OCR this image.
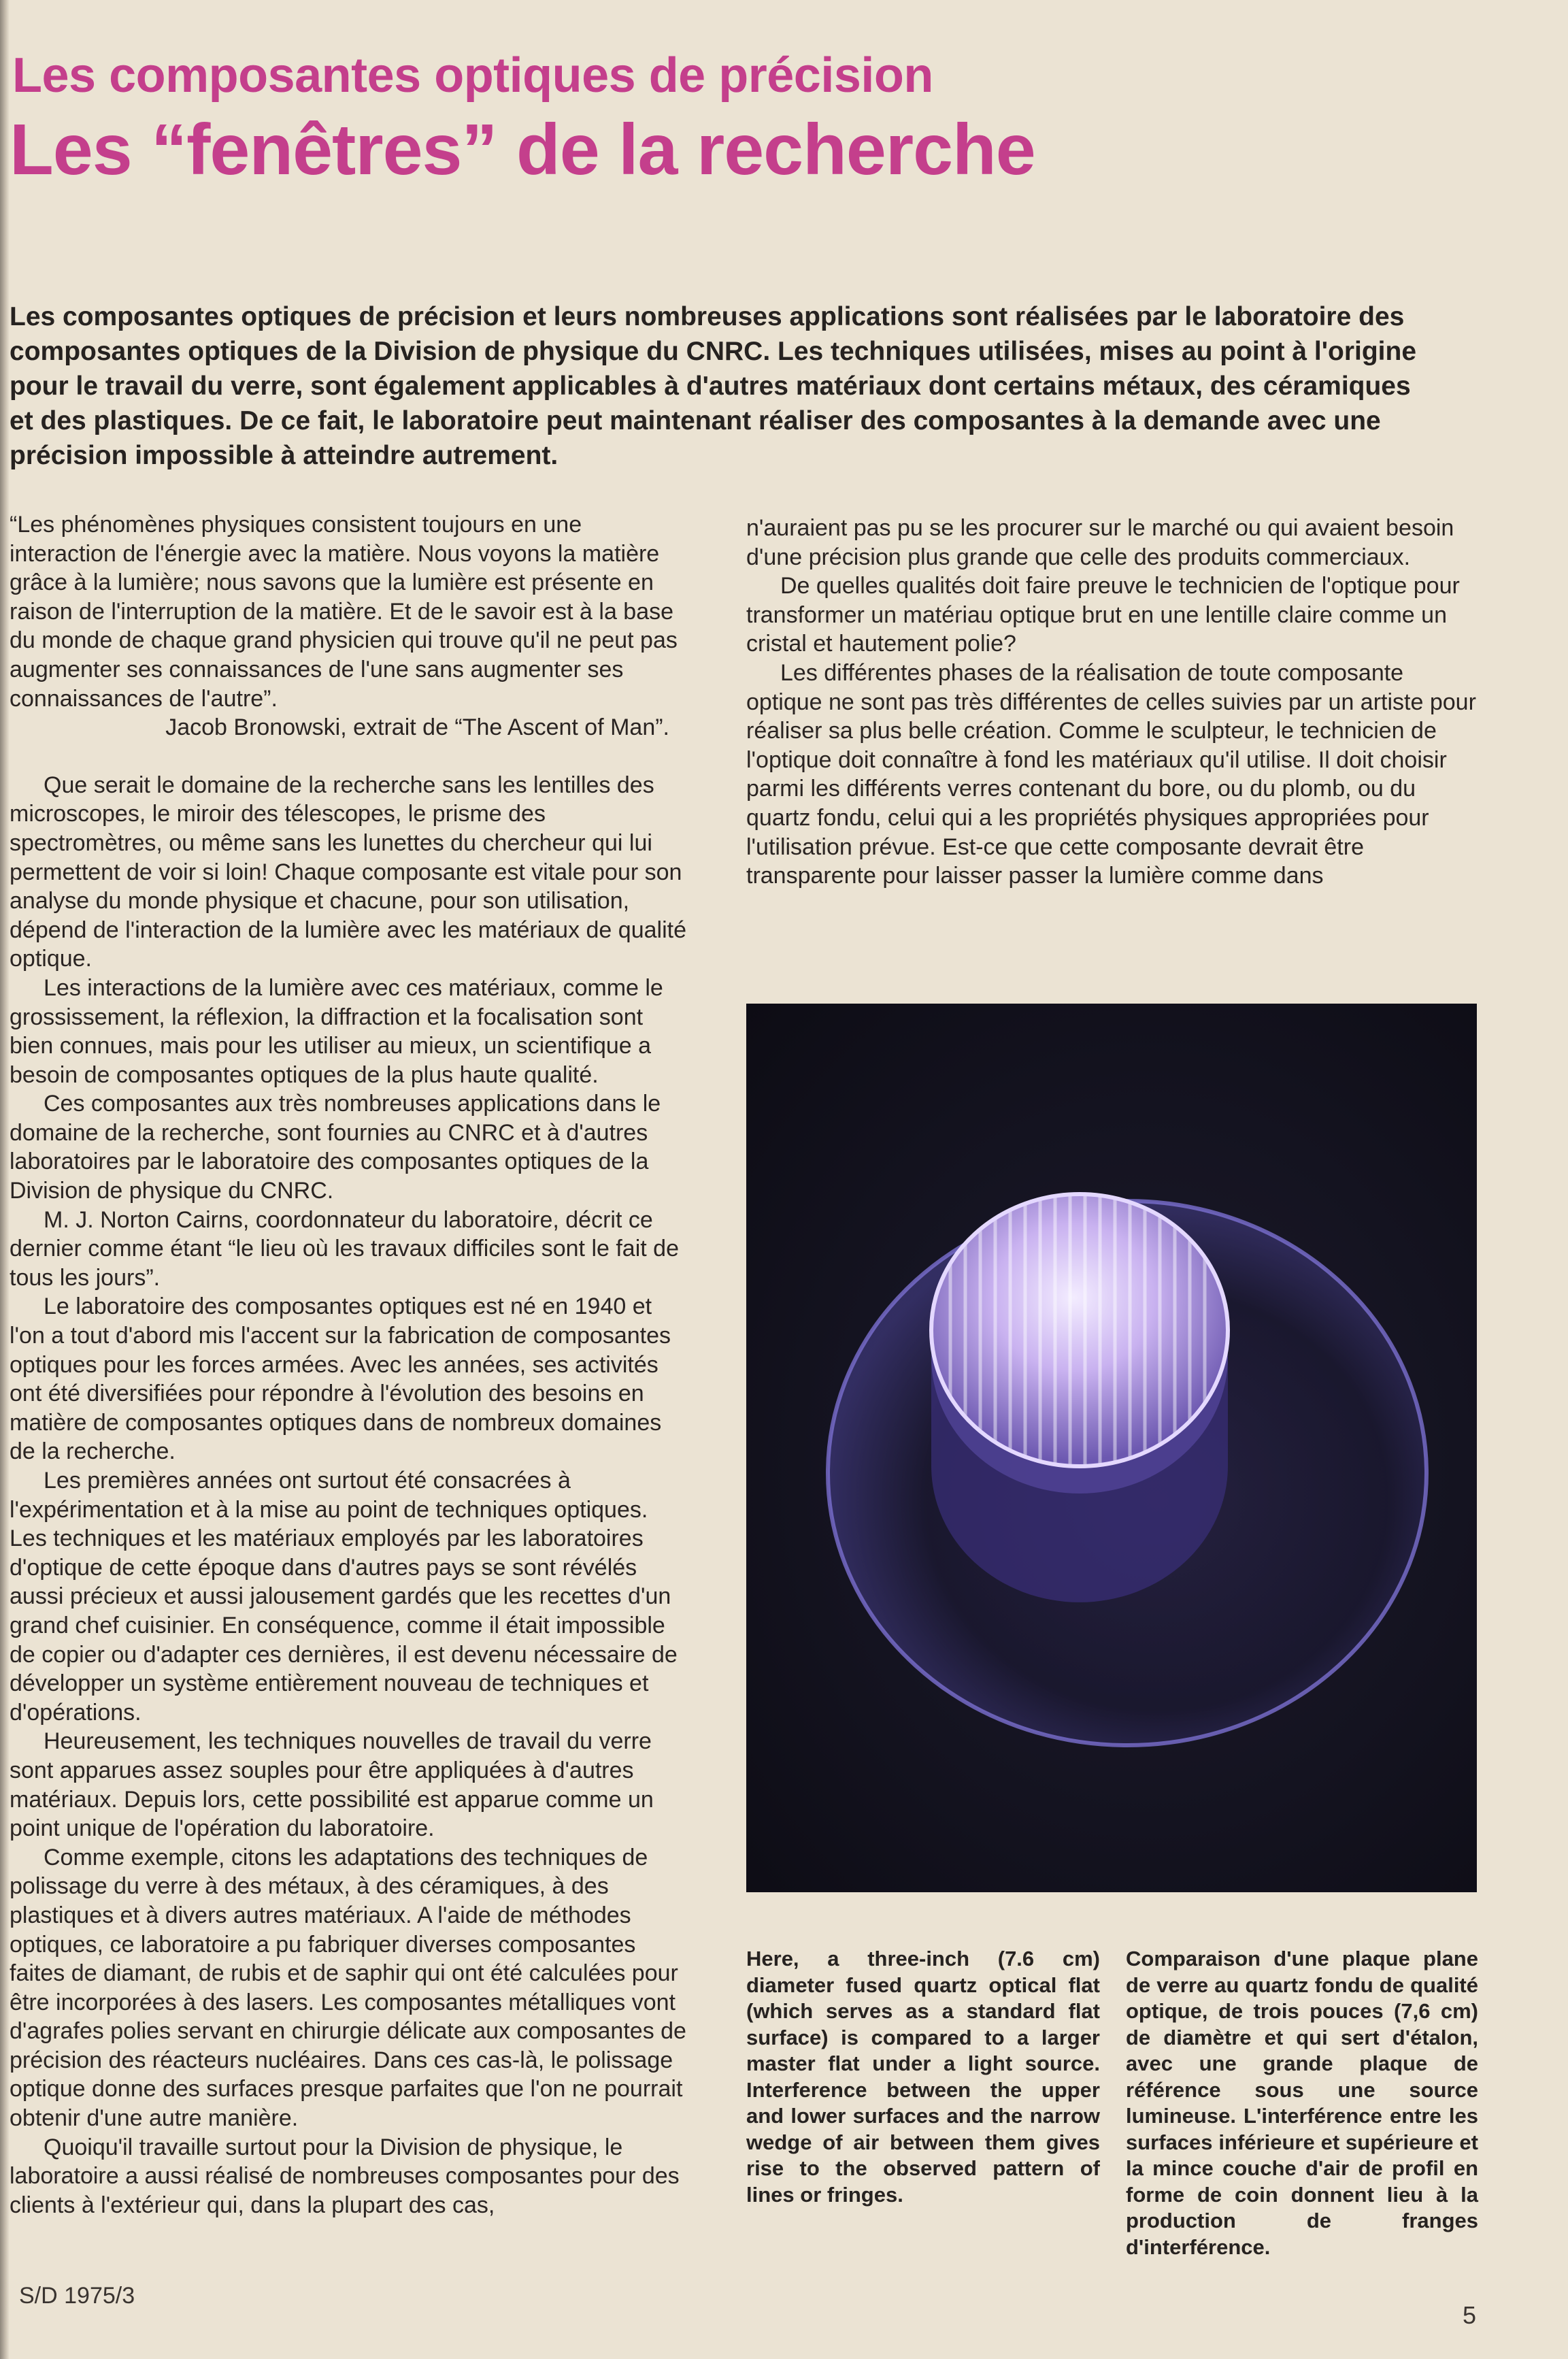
Les composantes optiques de précision
Les “fenêtres” de la recherche

Les composantes optiques de précision et leurs nombreuses applications sont réalisées par le laboratoire des composantes optiques de la Division de physique du CNRC. Les techniques utilisées, mises au point à l'origine pour le travail du verre, sont également applicables à d'autres matériaux dont certains métaux, des céramiques et des plastiques. De ce fait, le laboratoire peut maintenant réaliser des composantes à la demande avec une précision impossible à atteindre autrement.

“Les phénomènes physiques consistent toujours en une interaction de l'énergie avec la matière. Nous voyons la matière grâce à la lumière; nous savons que la lumière est présente en raison de l'interruption de la matière. Et de le savoir est à la base du monde de chaque grand physicien qui trouve qu'il ne peut pas augmenter ses connaissances de l'une sans augmenter ses connaissances de l'autre”.

Jacob Bronowski, extrait de “The Ascent of Man”.

Que serait le domaine de la recherche sans les lentilles des microscopes, le miroir des télescopes, le prisme des spectromètres, ou même sans les lunettes du chercheur qui lui permettent de voir si loin! Chaque composante est vitale pour son analyse du monde physique et chacune, pour son utilisation, dépend de l'interaction de la lumière avec les matériaux de qualité optique.

Les interactions de la lumière avec ces matériaux, comme le grossissement, la réflexion, la diffraction et la focalisation sont bien connues, mais pour les utiliser au mieux, un scientifique a besoin de composantes optiques de la plus haute qualité.

Ces composantes aux très nombreuses applications dans le domaine de la recherche, sont fournies au CNRC et à d'autres laboratoires par le laboratoire des composantes optiques de la Division de physique du CNRC.

M. J. Norton Cairns, coordonnateur du laboratoire, décrit ce dernier comme étant “le lieu où les travaux difficiles sont le fait de tous les jours”.

Le laboratoire des composantes optiques est né en 1940 et l'on a tout d'abord mis l'accent sur la fabrication de composantes optiques pour les forces armées. Avec les années, ses activités ont été diversifiées pour répondre à l'évolution des besoins en matière de composantes optiques dans de nombreux domaines de la recherche.

Les premières années ont surtout été consacrées à l'expérimentation et à la mise au point de techniques optiques. Les techniques et les matériaux employés par les laboratoires d'optique de cette époque dans d'autres pays se sont révélés aussi précieux et aussi jalousement gardés que les recettes d'un grand chef cuisinier. En conséquence, comme il était impossible de copier ou d'adapter ces dernières, il est devenu nécessaire de développer un système entièrement nouveau de techniques et d'opérations.

Heureusement, les techniques nouvelles de travail du verre sont apparues assez souples pour être appliquées à d'autres matériaux. Depuis lors, cette possibilité est apparue comme un point unique de l'opération du laboratoire.

Comme exemple, citons les adaptations des techniques de polissage du verre à des métaux, à des céramiques, à des plastiques et à divers autres matériaux. A l'aide de méthodes optiques, ce laboratoire a pu fabriquer diverses composantes faites de diamant, de rubis et de saphir qui ont été calculées pour être incorporées à des lasers. Les composantes métalliques vont d'agrafes polies servant en chirurgie délicate aux composantes de précision des réacteurs nucléaires. Dans ces cas-là, le polissage optique donne des surfaces presque parfaites que l'on ne pourrait obtenir d'une autre manière.

Quoiqu'il travaille surtout pour la Division de physique, le laboratoire a aussi réalisé de nombreuses composantes pour des clients à l'extérieur qui, dans la plupart des cas,

n'auraient pas pu se les procurer sur le marché ou qui avaient besoin d'une précision plus grande que celle des produits commerciaux.

De quelles qualités doit faire preuve le technicien de l'optique pour transformer un matériau optique brut en une lentille claire comme un cristal et hautement polie?

Les différentes phases de la réalisation de toute composante optique ne sont pas très différentes de celles suivies par un artiste pour réaliser sa plus belle création. Comme le sculpteur, le technicien de l'optique doit connaître à fond les matériaux qu'il utilise. Il doit choisir parmi les différents verres contenant du bore, ou du plomb, ou du quartz fondu, celui qui a les propriétés physiques appropriées pour l'utilisation prévue. Est-ce que cette composante devrait être transparente pour laisser passer la lumière comme dans

Here, a three-inch (7.6 cm) diameter fused quartz optical flat (which serves as a standard flat surface) is compared to a larger master flat under a light source. Interference between the upper and lower surfaces and the narrow wedge of air between them gives rise to the observed pattern of lines or fringes.

Comparaison d'une plaque plane de verre au quartz fondu de qualité optique, de trois pouces (7,6 cm) de diamètre et qui sert d'étalon, avec une grande plaque de référence sous une source lumineuse. L'interférence entre les surfaces inférieure et supérieure et la mince couche d'air de profil en forme de coin donnent lieu à la production de franges d'interférence.

S/D 1975/3

5
